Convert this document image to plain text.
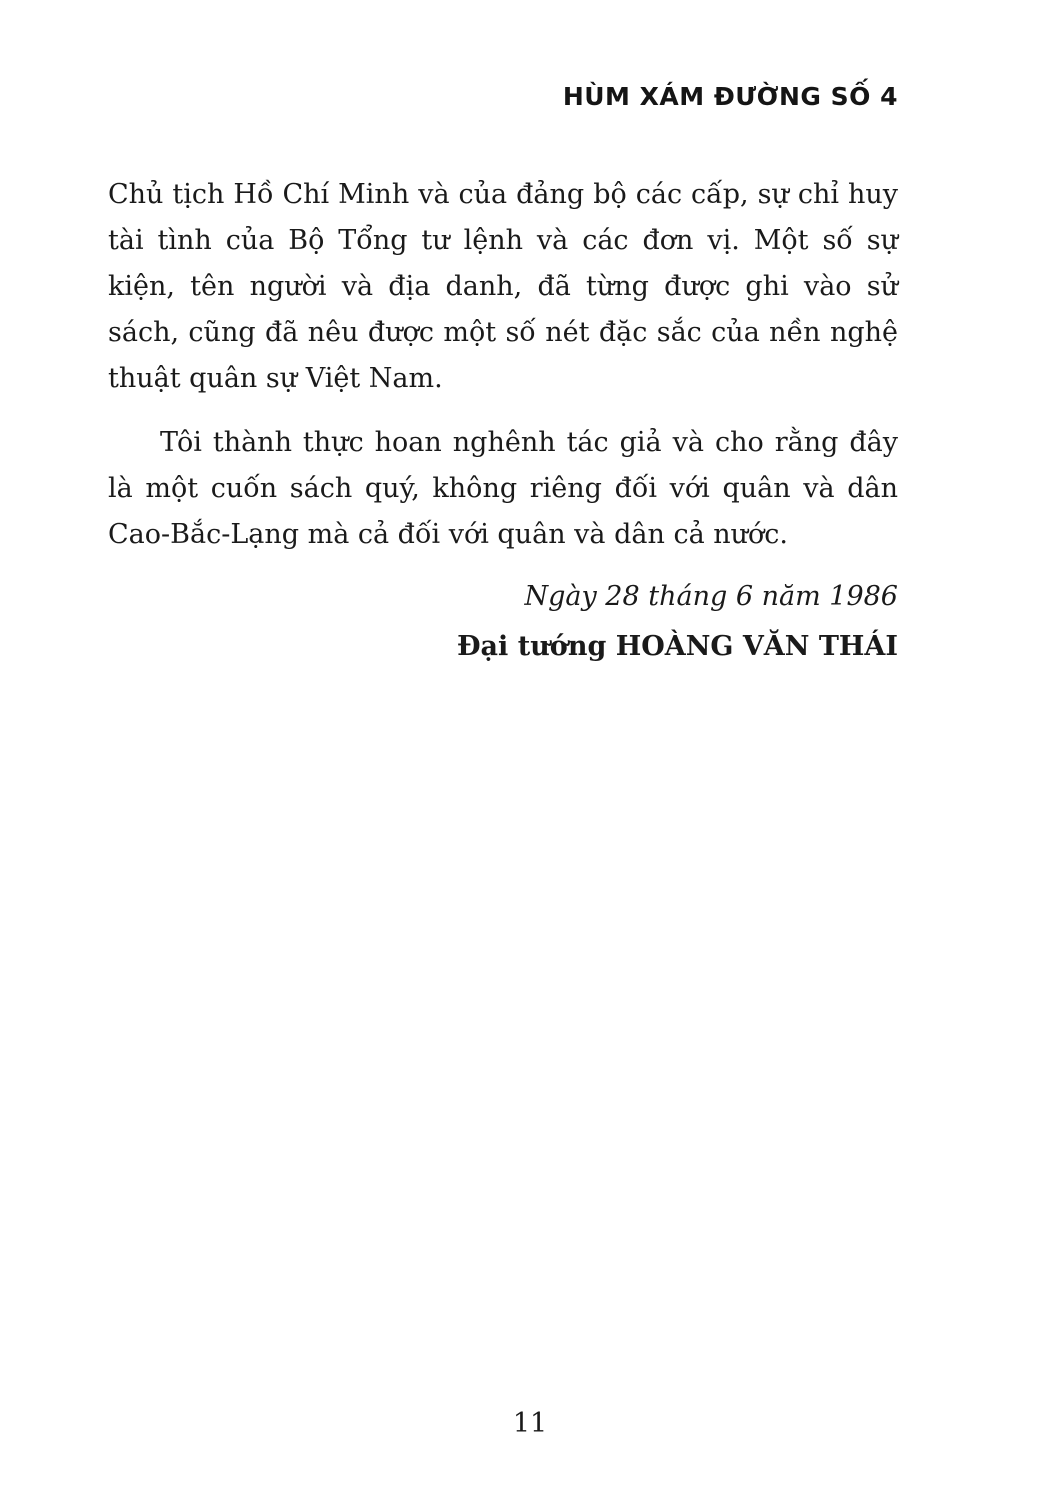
HÙM XÁM ĐƯỜNG SỐ 4

Chủ tịch Hồ Chí Minh và của đảng bộ các cấp, sự chỉ huy tài tình của Bộ Tổng tư lệnh và các đơn vị. Một số sự kiện, tên người và địa danh, đã từng được ghi vào sử sách, cũng đã nêu được một số nét đặc sắc của nền nghệ thuật quân sự Việt Nam.

Tôi thành thực hoan nghênh tác giả và cho rằng đây là một cuốn sách quý, không riêng đối với quân và dân Cao-Bắc-Lạng mà cả đối với quân và dân cả nước.

Ngày 28 tháng 6 năm 1986

Đại tướng HOÀNG VĂN THÁI

11
